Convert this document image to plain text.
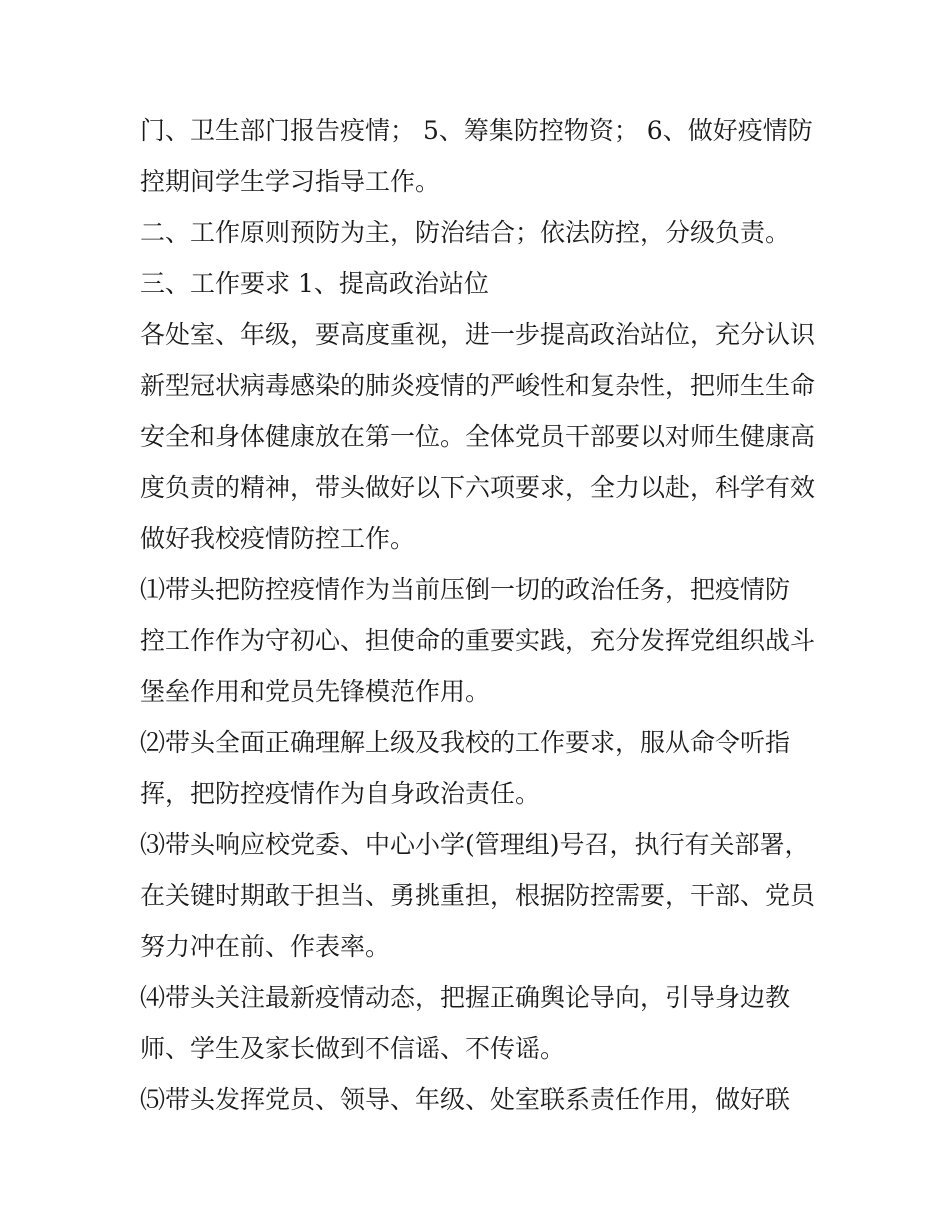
门、卫生部门报告疫情； 5、筹集防控物资； 6、做好疫情防
控期间学生学习指导工作。
二、工作原则预防为主，防治结合；依法防控，分级负责。
三、工作要求 1、提高政治站位
各处室、年级，要高度重视，进一步提高政治站位，充分认识
新型冠状病毒感染的肺炎疫情的严峻性和复杂性，把师生生命
安全和身体健康放在第一位。全体党员干部要以对师生健康高
度负责的精神，带头做好以下六项要求，全力以赴，科学有效
做好我校疫情防控工作。
⑴带头把防控疫情作为当前压倒一切的政治任务，把疫情防
控工作作为守初心、担使命的重要实践，充分发挥党组织战斗
堡垒作用和党员先锋模范作用。
⑵带头全面正确理解上级及我校的工作要求，服从命令听指
挥，把防控疫情作为自身政治责任。
⑶带头响应校党委、中心小学(管理组)号召，执行有关部署，
在关键时期敢于担当、勇挑重担，根据防控需要，干部、党员
努力冲在前、作表率。
⑷带头关注最新疫情动态，把握正确舆论导向，引导身边教
师、学生及家长做到不信谣、不传谣。
⑸带头发挥党员、领导、年级、处室联系责任作用，做好联
